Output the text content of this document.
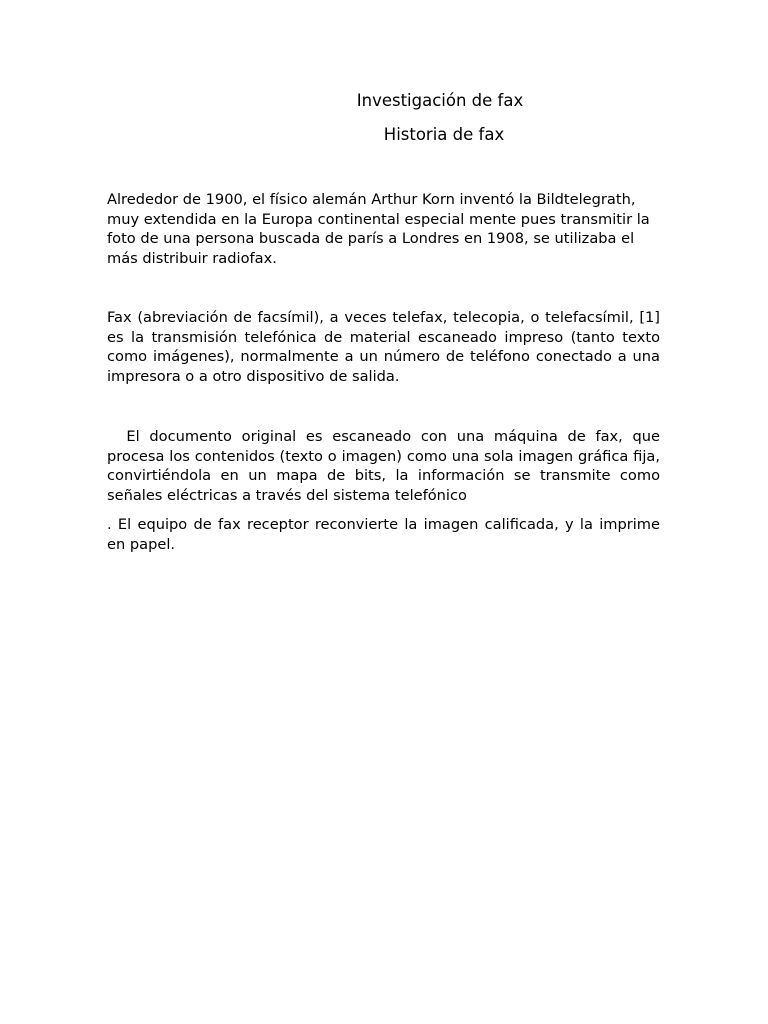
Investigación de fax
Historia de fax

Alrededor de 1900, el físico alemán Arthur Korn inventó la Bildtelegrath, muy extendida en la Europa continental especial mente pues transmitir la foto de una persona buscada de parís a Londres en 1908, se utilizaba el más distribuir radiofax.

Fax (abreviación de facsímil), a veces telefax, telecopia, o telefacsímil, [1] es la transmisión telefónica de material escaneado impreso (tanto texto como imágenes), normalmente a un número de teléfono conectado a una impresora o a otro dispositivo de salida.

El documento original es escaneado con una máquina de fax, que procesa los contenidos (texto o imagen) como una sola imagen gráfica fija, convirtiéndola en un mapa de bits, la información se transmite como señales eléctricas a través del sistema telefónico

. El equipo de fax receptor reconvierte la imagen calificada, y la imprime en papel.
